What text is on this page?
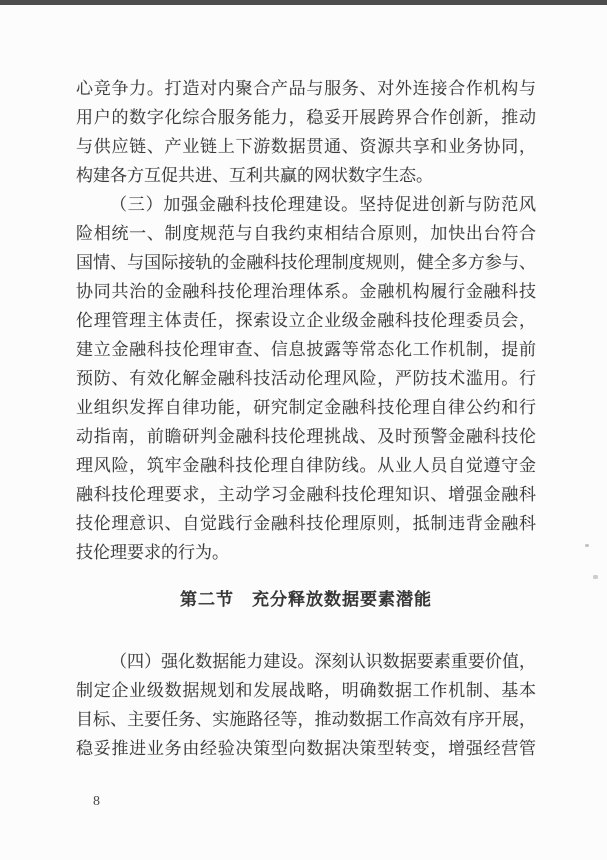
心竞争力。打造对内聚合产品与服务、对外连接合作机构与
用户的数字化综合服务能力，稳妥开展跨界合作创新，推动
与供应链、产业链上下游数据贯通、资源共享和业务协同，
构建各方互促共进、互利共赢的网状数字生态。
（三）加强金融科技伦理建设。坚持促进创新与防范风
险相统一、制度规范与自我约束相结合原则，加快出台符合
国情、与国际接轨的金融科技伦理制度规则，健全多方参与、
协同共治的金融科技伦理治理体系。金融机构履行金融科技
伦理管理主体责任，探索设立企业级金融科技伦理委员会，
建立金融科技伦理审查、信息披露等常态化工作机制，提前
预防、有效化解金融科技活动伦理风险，严防技术滥用。行
业组织发挥自律功能，研究制定金融科技伦理自律公约和行
动指南，前瞻研判金融科技伦理挑战、及时预警金融科技伦
理风险，筑牢金融科技伦理自律防线。从业人员自觉遵守金
融科技伦理要求，主动学习金融科技伦理知识、增强金融科
技伦理意识、自觉践行金融科技伦理原则，抵制违背金融科
技伦理要求的行为。
第二节　充分释放数据要素潜能
（四）强化数据能力建设。深刻认识数据要素重要价值，
制定企业级数据规划和发展战略，明确数据工作机制、基本
目标、主要任务、实施路径等，推动数据工作高效有序开展，
稳妥推进业务由经验决策型向数据决策型转变，增强经营管
8
